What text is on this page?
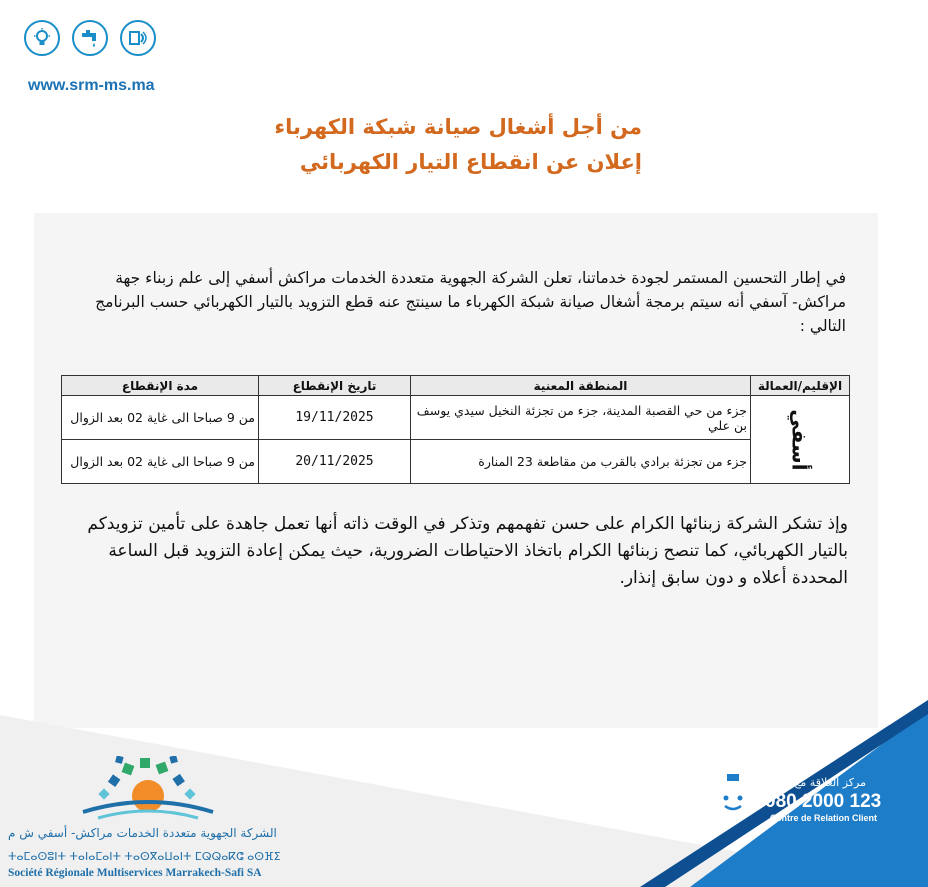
www.srm-ms.ma
من أجل أشغال صيانة شبكة الكهرباء
إعلان عن انقطاع التيار الكهربائي
في إطار التحسين المستمر لجودة خدماتنا، تعلن الشركة الجهوية متعددة الخدمات مراكش أسفي إلى علم زبناء جهة مراكش- آسفي أنه سيتم برمجة أشغال صيانة شبكة الكهرباء ما سينتج عنه قطع التزويد بالتيار الكهربائي حسب البرنامج التالي :
الإقليم/العمالة	المنطقة المعنية	تاريخ الإنقطاع	مدة الإنقطاع
أسفي	جزء من حي القصبة المدينة، جزء من تجزئة النخيل سيدي يوسف بن علي	19/11/2025	من 9 صباحا الى غاية 02 بعد الزوال
	جزء من تجزئة برادي بالقرب من مقاطعة 23 المنارة	20/11/2025	من 9 صباحا الى غاية 02 بعد الزوال
وإذ تشكر الشركة زبنائها الكرام على حسن تفهمهم وتذكر في الوقت ذاته أنها تعمل جاهدة على تأمين تزويدكم بالتيار الكهربائي، كما تنصح زبنائها الكرام باتخاذ الاحتياطات الضرورية، حيث يمكن إعادة التزويد قبل الساعة المحددة أعلاه و دون سابق إنذار.
الشركة الجهوية متعددة الخدمات مراكش- أسفي ش م
ⵜⴰⵎⴰⵙⵓⵏⵜ ⵜⴰⵏⴰⵎⴰⵏⵜ ⵜⴰⵙⴳⴰⵡⴰⵏⵜ ⵎⵕⵕⴰⴽⵛ ⴰⵙⴼⵉ
Société Régionale Multiservices Marrakech-Safi SA
مركز العلاقة مع الزبناء
080 2000 123
Centre de Relation Client
